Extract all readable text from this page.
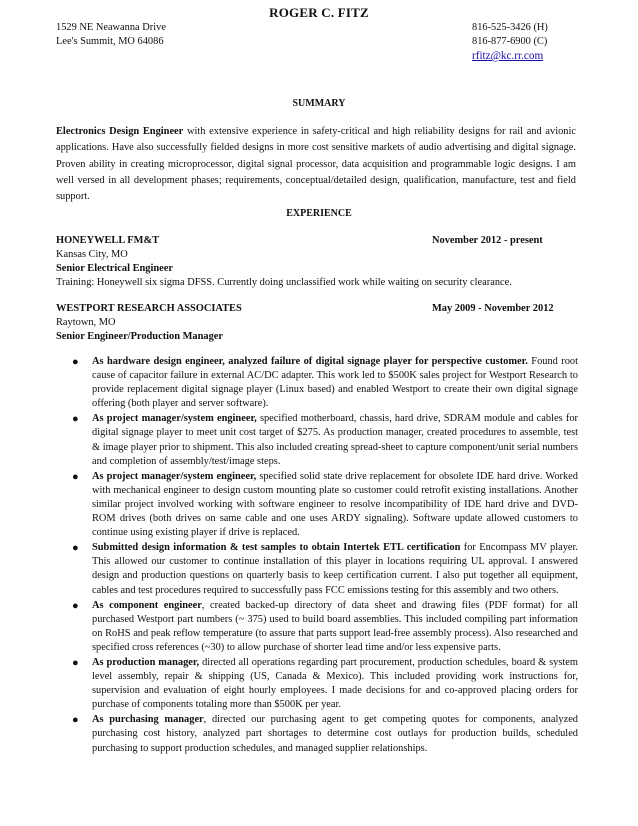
ROGER C. FITZ
1529 NE Neawanna Drive
Lee's Summit, MO 64086
816-525-3426 (H)
816-877-6900 (C)
rfitz@kc.rr.com
SUMMARY

Electronics Design Engineer with extensive experience in safety-critical and high reliability designs for rail and avionic applications. Have also successfully fielded designs in more cost sensitive markets of audio advertising and digital signage. Proven ability in creating microprocessor, digital signal processor, data acquisition and programmable logic designs. I am well versed in all development phases; requirements, conceptual/detailed design, qualification, manufacture, test and field support.

EXPERIENCE
HONEYWELL FM&T	November 2012 - present
Kansas City, MO
Senior Electrical Engineer
Training: Honeywell six sigma DFSS. Currently doing unclassified work while waiting on security clearance.
WESTPORT RESEARCH ASSOCIATES	May 2009 - November 2012
Raytown, MO
Senior Engineer/Production Manager
● As hardware design engineer, analyzed failure of digital signage player for perspective customer. Found root cause of capacitor failure in external AC/DC adapter. This work led to $500K sales project for Westport Research to provide replacement digital signage player (Linux based) and enabled Westport to create their own digital signage offering (both player and server software).
● As project manager/system engineer, specified motherboard, chassis, hard drive, SDRAM module and cables for digital signage player to meet unit cost target of $275. As production manager, created procedures to assemble, test & image player prior to shipment. This also included creating spread-sheet to capture component/unit serial numbers and completion of assembly/test/image steps.
● As project manager/system engineer, specified solid state drive replacement for obsolete IDE hard drive. Worked with mechanical engineer to design custom mounting plate so customer could retrofit existing installations. Another similar project involved working with software engineer to resolve incompatibility of IDE hard drive and DVD-ROM drives (both drives on same cable and one uses ARDY signaling). Software update allowed customers to continue using existing player if drive is replaced.
● Submitted design information & test samples to obtain Intertek ETL certification for Encompass MV player. This allowed our customer to continue installation of this player in locations requiring UL approval. I answered design and production questions on quarterly basis to keep certification current. I also put together all equipment, cables and test procedures required to successfully pass FCC emissions testing for this assembly and two others.
● As component engineer, created backed-up directory of data sheet and drawing files (PDF format) for all purchased Westport part numbers (~ 375) used to build board assemblies. This included compiling part information on RoHS and peak reflow temperature (to assure that parts support lead-free assembly process). Also researched and specified cross references (~30) to allow purchase of shorter lead time and/or less expensive parts.
● As production manager, directed all operations regarding part procurement, production schedules, board & system level assembly, repair & shipping (US, Canada & Mexico). This included providing work instructions for, supervision and evaluation of eight hourly employees. I made decisions for and co-approved placing orders for purchase of components totaling more than $500K per year.
● As purchasing manager, directed our purchasing agent to get competing quotes for components, analyzed purchasing cost history, analyzed part shortages to determine cost outlays for production builds, scheduled purchasing to support production schedules, and managed supplier relationships.
